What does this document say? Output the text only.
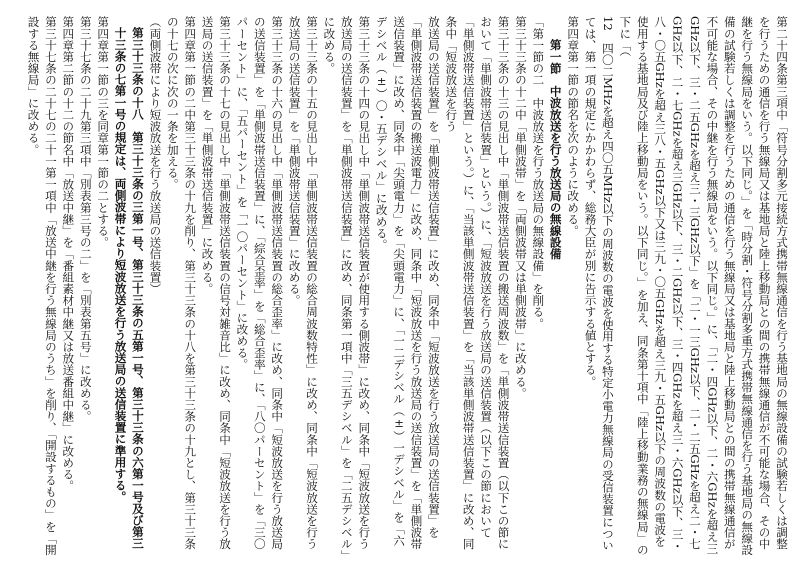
第二十四条第三項中「符号分割多元接続方式携帯無線通信を行う基地局の無線設備の試験若しくは調整を行うための通信を行う無線局又は基地局と陸上移動局との間の携帯無線通信が不可能な場合、その中継を行う無線局をいう。以下同じ。」を「時分割・符号分割多重方式携帯無線通信を行う基地局の無線設備の試験若しくは調整を行うための通信を行う無線局又は基地局と陸上移動局との間の携帯無線通信が不可能な場合、その中継を行う無線局をいう。以下同じ。」に、「二・四GHz以下、二・六GHzを超え三GHz以下、三・二五GHzを超え三・三GHz以下」を「二・一三GHz以下、二・二五GHzを超え二・七GHz以下、二・七GHzを超え三GHz以下、三・二GHz以下、三・四GHzを超え三・六GHz以下、三・八・〇五GHzを超え三八・五GHz以下又は三九・〇五GHzを超え三九・五GHz以下の周波数の電波を使用する基地局及び陸上移動局をいう。以下同じ。」を加え、同条第十項中「陸上移動業務の無線局」の下に「（

12　四〇二MHzを超え四〇五MHz以下の周波数の電波を使用する特定小電力無線局の受信装置については、第一項の規定にかかわらず、総務大臣が別に告示する値とする。

第四章第一節の節名を次のように改める。

第一節　中波放送を行う放送局の無線設備

「第一節の二　中波放送を行う放送局の無線設備」を削る。

第三十三条の十二中「単側波帯」を「両側波帯又は単側波帯」に改める。

第三十三条の十三の見出し中「単側波帯送信装置の搬送周波数」を「単側波帯送信装置（以下この節において「単側波帯送信装置」という。）に、「短波放送を行う放送局の送信装置（以下この節において「単側波帯送信装置」という。）に、「当該単側波帯送信装置」を「当該単側波帯送信装置」に改め、同条中「短波放送を行う

放送局の送信装置」を「単側波帯送信装置」に改め、同条中「短波放送を行う放送局の送信装置」を「単側波帯送信装置の搬送波電力」に改め、同条中「短波放送を行う放送局の送信装置」を「単側波帯送信装置」に改め、同条中「尖頭電力」を「尖頭電力」に、「一二デシベル（±）一デシベル」を「六デシベル（±）〇・五デシベル」に改める。

第三十三条の十四の見出し中「単側波帯送信装置が使用する側波帯」に改め、同条中「短波放送を行う放送局の送信装置」を「単側波帯送信装置」に改め、同条第一項中「三五デシベル」を「二五デシベル」に改める。

第三十三条の十五の見出し中「単側波帯送信装置の総合周波数特性」に改め、同条中「短波放送を行う放送局の送信装置」を「単側波帯送信装置」に改める。

第三十三条の十六の見出し中「単側波帯送信装置の総合歪率」に改め、同条中「短波放送を行う放送局の送信装置」を「単側波帯送信装置」に、「綜合歪率」を「総合歪率」に、「八〇パーセント」を「三〇パーセント」に、「五パーセント」を「一〇パーセント」に改める。

第三十三条の十七の見出し中「単側波帯送信装置の信号対雑音比」に改め、同条中「短波放送を行う放送局の送信装置」を「単側波帯送信装置」に改める。

第四章第一節の二中第三十三条の十九を削り、第三十三条の十八を第三十三条の十九とし、第三十三条の十七の次に次の一条を加える。

（両側波帯により短波放送を行う放送局の送信装置）

第三十三条の十八　第三十三条の三第一号、第三十三条の五第一号、第三十三条の六第一号及び第三十三条の七第一号の規定は、両側波帯により短波放送を行う放送局の送信装置に準用する。

第四章第一節の三を同章第一節の二とする。

第三十七条の二十九第三項中「別表第三号の二」を「別表第五号」に改める。

第四章第二節の十二の節名中「放送中継」を「番組素材中継又は放送番組中継」に改める。

第三十七条の二十七の二十一第一項中「放送中継を行う無線局のうち」を削り、「開設するもの」を「開設する無線局」に改める。
